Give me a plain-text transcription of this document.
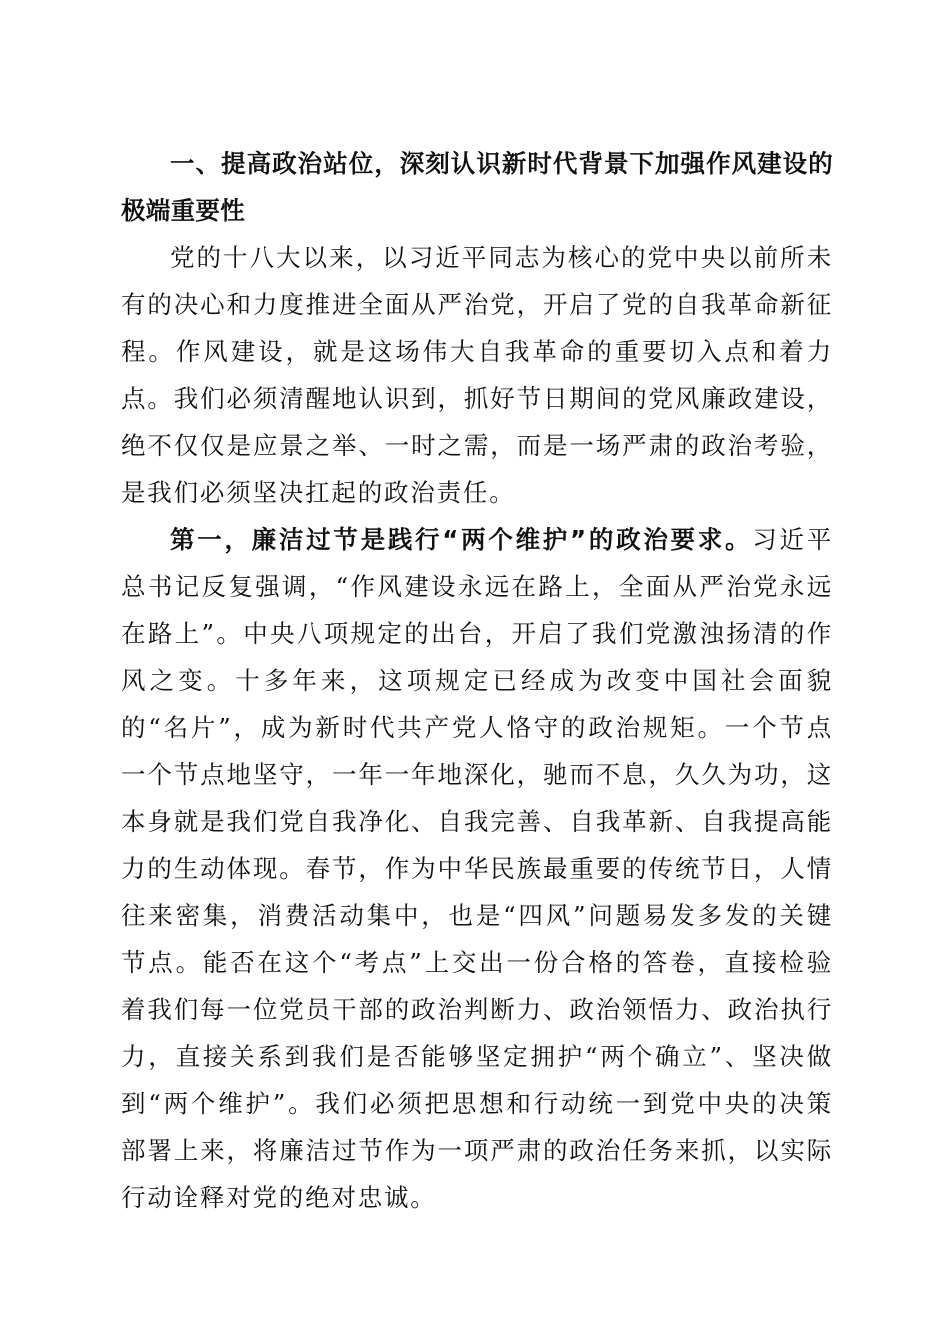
一、提高政治站位，深刻认识新时代背景下加强作风建设的极端重要性

党的十八大以来，以习近平同志为核心的党中央以前所未有的决心和力度推进全面从严治党，开启了党的自我革命新征程。作风建设，就是这场伟大自我革命的重要切入点和着力点。我们必须清醒地认识到，抓好节日期间的党风廉政建设，绝不仅仅是应景之举、一时之需，而是一场严肃的政治考验，是我们必须坚决扛起的政治责任。

第一，廉洁过节是践行“两个维护”的政治要求。习近平总书记反复强调，“作风建设永远在路上，全面从严治党永远在路上”。中央八项规定的出台，开启了我们党激浊扬清的作风之变。十多年来，这项规定已经成为改变中国社会面貌的“名片”，成为新时代共产党人恪守的政治规矩。一个节点一个节点地坚守，一年一年地深化，驰而不息，久久为功，这本身就是我们党自我净化、自我完善、自我革新、自我提高能力的生动体现。春节，作为中华民族最重要的传统节日，人情往来密集，消费活动集中，也是“四风”问题易发多发的关键节点。能否在这个“考点”上交出一份合格的答卷，直接检验着我们每一位党员干部的政治判断力、政治领悟力、政治执行力，直接关系到我们是否能够坚定拥护“两个确立”、坚决做到“两个维护”。我们必须把思想和行动统一到党中央的决策部署上来，将廉洁过节作为一项严肃的政治任务来抓，以实际行动诠释对党的绝对忠诚。
